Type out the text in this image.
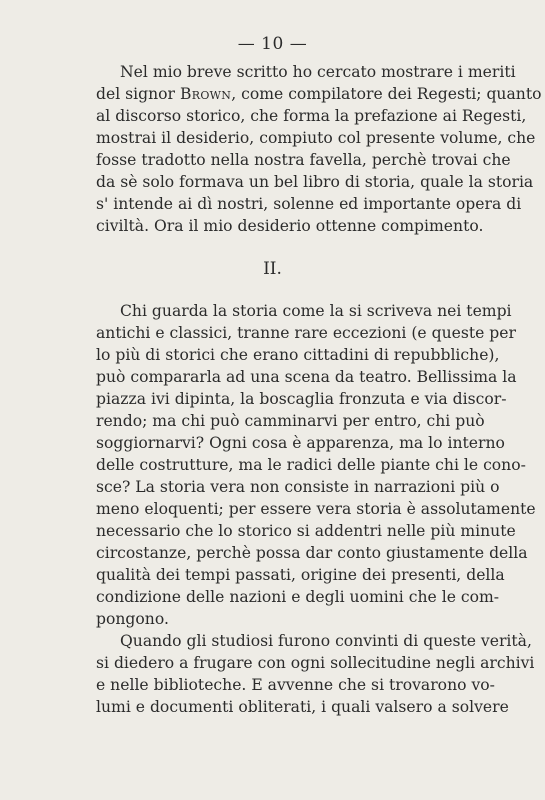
— 10 —
Nel mio breve scritto ho cercato mostrare i meriti
del signor Brown, come compilatore dei Regesti; quanto
al discorso storico, che forma la prefazione ai Regesti,
mostrai il desiderio, compiuto col presente volume, che
fosse tradotto nella nostra favella, perchè trovai che
da sè solo formava un bel libro di storia, quale la storia
s' intende ai dì nostri, solenne ed importante opera di
civiltà. Ora il mio desiderio ottenne compimento.
II.
Chi guarda la storia come la si scriveva nei tempi
antichi e classici, tranne rare eccezioni (e queste per
lo più di storici che erano cittadini di repubbliche),
può compararla ad una scena da teatro. Bellissima la
piazza ivi dipinta, la boscaglia fronzuta e via discor-
rendo; ma chi può camminarvi per entro, chi può
soggiornarvi? Ogni cosa è apparenza, ma lo interno
delle costrutture, ma le radici delle piante chi le cono-
sce? La storia vera non consiste in narrazioni più o
meno eloquenti; per essere vera storia è assolutamente
necessario che lo storico si addentri nelle più minute
circostanze, perchè possa dar conto giustamente della
qualità dei tempi passati, origine dei presenti, della
condizione delle nazioni e degli uomini che le com-
pongono.
Quando gli studiosi furono convinti di queste verità,
si diedero a frugare con ogni sollecitudine negli archivi
e nelle biblioteche. E avvenne che si trovarono vo-
lumi e documenti obliterati, i quali valsero a solvere
